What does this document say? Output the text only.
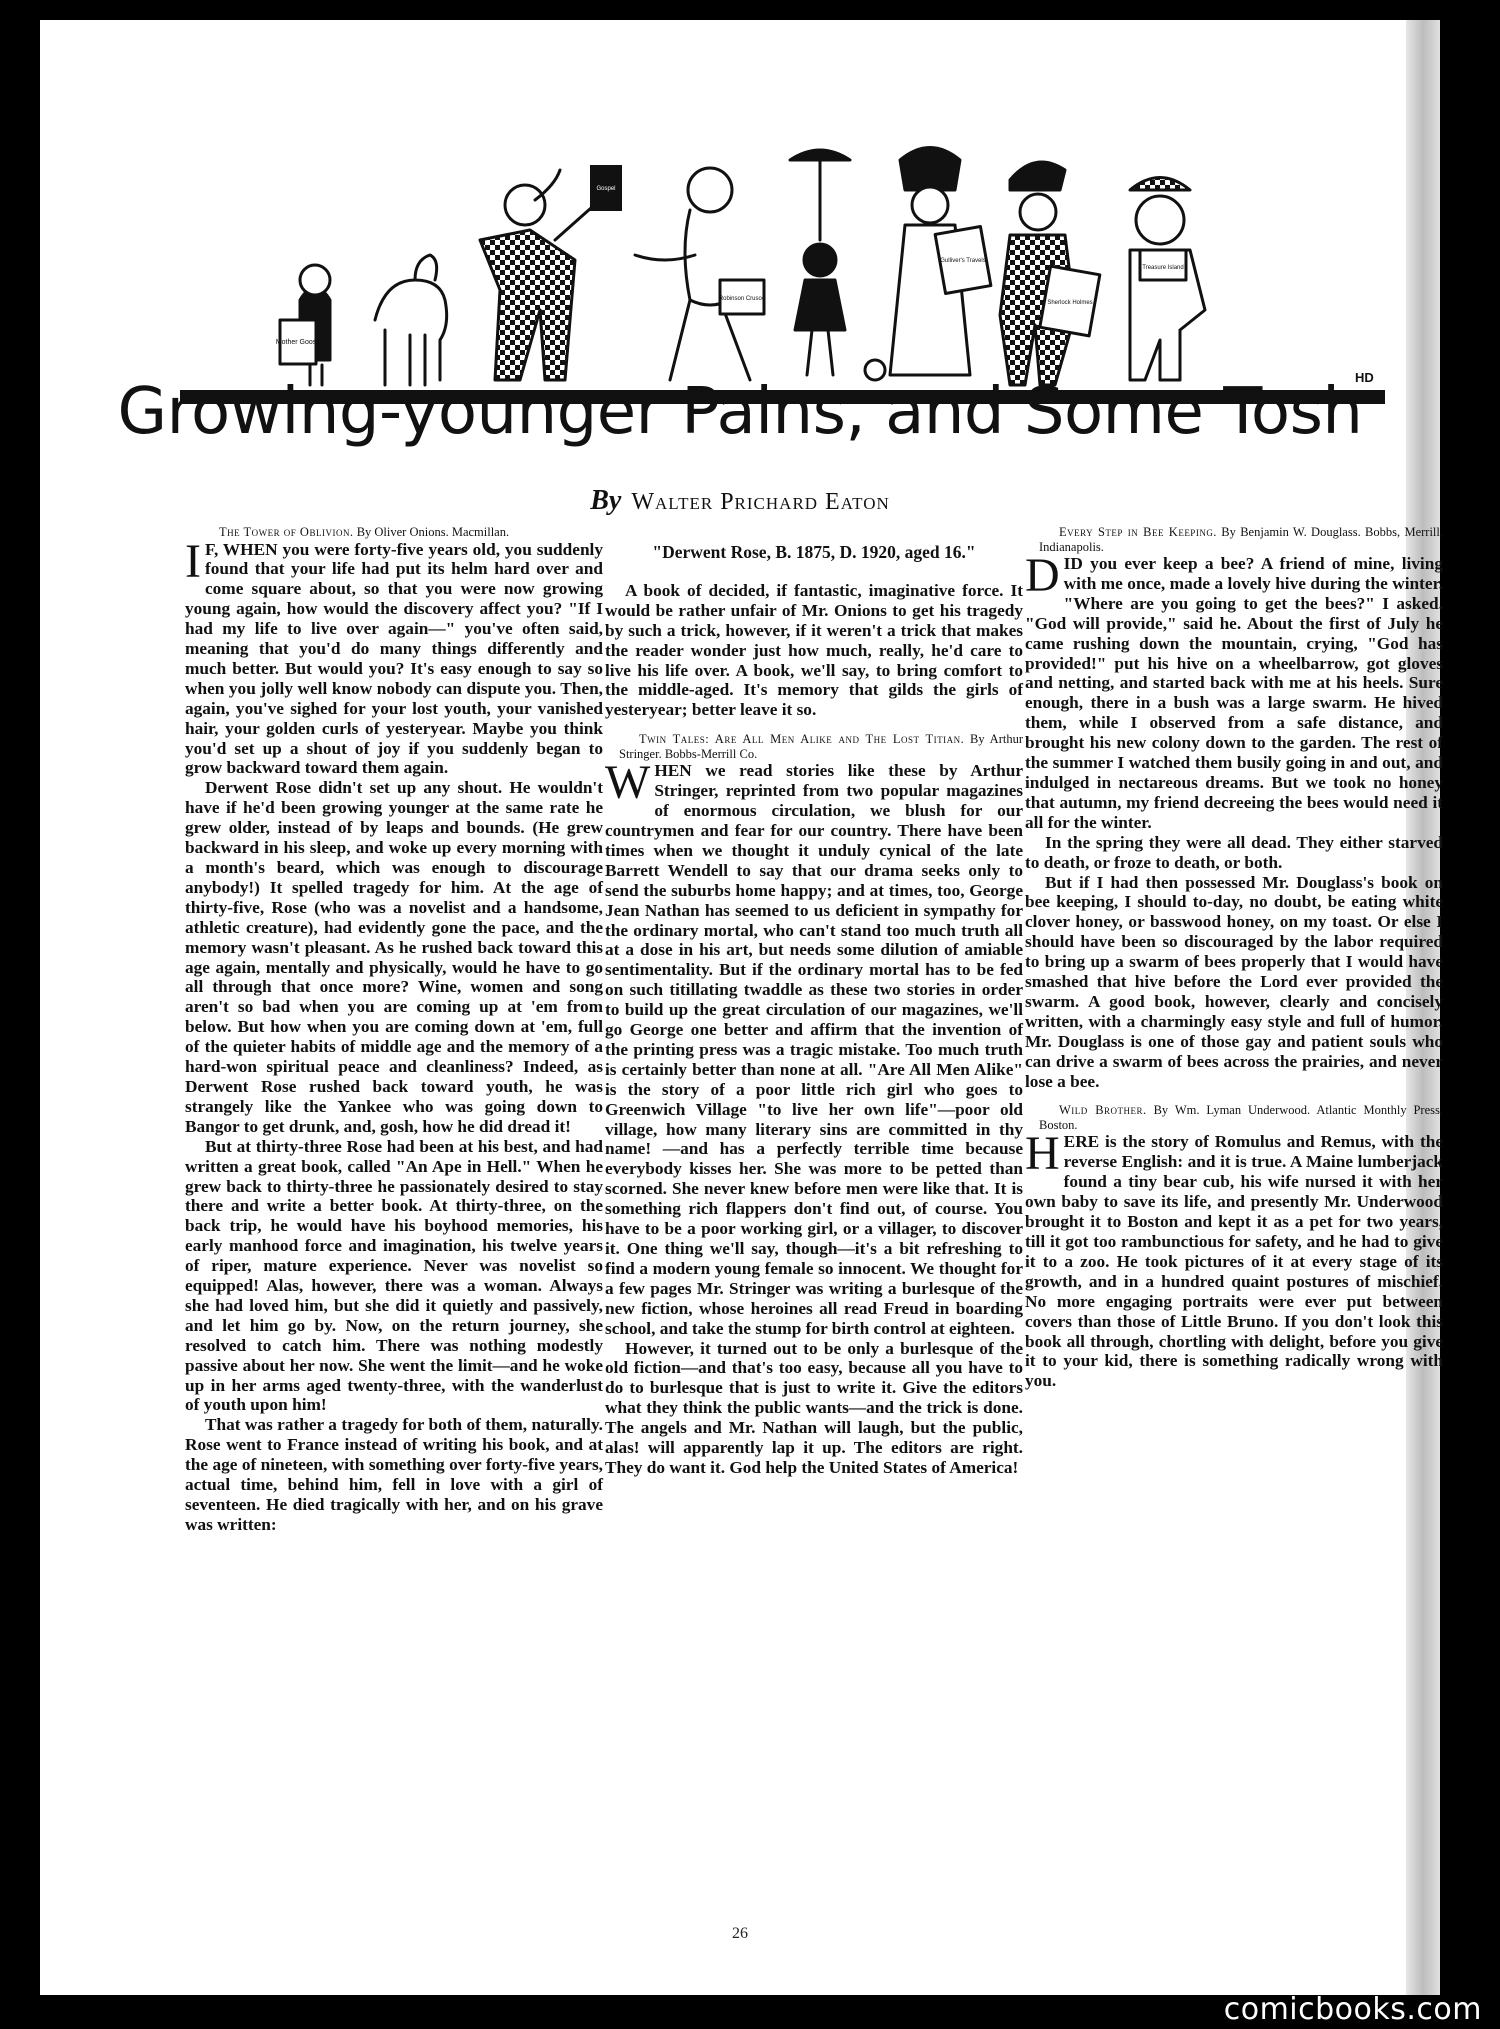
Mother Goose
Gospel
Robinson Crusoe
Gulliver's Travels
Sherlock Holmes
Treasure Island
HD
Growing-younger Pains, and Some Tosh
By Walter Prichard Eaton

The Tower of Oblivion. By Oliver Onions. Macmillan.

I F, WHEN you were forty-five years old, you suddenly found that your life had put its helm hard over and come square about, so that you were now growing young again, how would the discovery affect you? "If I had my life to live over again—" you've often said, meaning that you'd do many things differently and much better. But would you? It's easy enough to say so when you jolly well know nobody can dispute you. Then, again, you've sighed for your lost youth, your vanished hair, your golden curls of yesteryear. Maybe you think you'd set up a shout of joy if you suddenly began to grow backward toward them again.

Derwent Rose didn't set up any shout. He wouldn't have if he'd been growing younger at the same rate he grew older, instead of by leaps and bounds. (He grew backward in his sleep, and woke up every morning with a month's beard, which was enough to discourage anybody!) It spelled tragedy for him. At the age of thirty-five, Rose (who was a novelist and a handsome, athletic creature), had evidently gone the pace, and the memory wasn't pleasant. As he rushed back toward this age again, mentally and physically, would he have to go all through that once more? Wine, women and song aren't so bad when you are coming up at 'em from below. But how when you are coming down at 'em, full of the quieter habits of middle age and the memory of a hard-won spiritual peace and cleanliness? Indeed, as Derwent Rose rushed back toward youth, he was strangely like the Yankee who was going down to Bangor to get drunk, and, gosh, how he did dread it!

But at thirty-three Rose had been at his best, and had written a great book, called "An Ape in Hell." When he grew back to thirty-three he passionately desired to stay there and write a better book. At thirty-three, on the back trip, he would have his boyhood memories, his early manhood force and imagination, his twelve years of riper, mature experience. Never was novelist so equipped! Alas, however, there was a woman. Always she had loved him, but she did it quietly and passively, and let him go by. Now, on the return journey, she resolved to catch him. There was nothing modestly passive about her now. She went the limit—and he woke up in her arms aged twenty-three, with the wanderlust of youth upon him!

That was rather a tragedy for both of them, naturally. Rose went to France instead of writing his book, and at the age of nineteen, with something over forty-five years, actual time, behind him, fell in love with a girl of seventeen. He died tragically with her, and on his grave was written:

"Derwent Rose, B. 1875, D. 1920, aged 16."

A book of decided, if fantastic, imaginative force. It would be rather unfair of Mr. Onions to get his tragedy by such a trick, however, if it weren't a trick that makes the reader wonder just how much, really, he'd care to live his life over. A book, we'll say, to bring comfort to the middle-aged. It's memory that gilds the girls of yesteryear; better leave it so.

Twin Tales: Are All Men Alike and The Lost Titian. By Arthur Stringer. Bobbs-Merrill Co.

WHEN we read stories like these by Arthur Stringer, reprinted from two popular magazines of enormous circulation, we blush for our countrymen and fear for our country. There have been times when we thought it unduly cynical of the late Barrett Wendell to say that our drama seeks only to send the suburbs home happy; and at times, too, George Jean Nathan has seemed to us deficient in sympathy for the ordinary mortal, who can't stand too much truth all at a dose in his art, but needs some dilution of amiable sentimentality. But if the ordinary mortal has to be fed on such titillating twaddle as these two stories in order to build up the great circulation of our magazines, we'll go George one better and affirm that the invention of the printing press was a tragic mistake. Too much truth is certainly better than none at all. "Are All Men Alike" is the story of a poor little rich girl who goes to Greenwich Village "to live her own life"—poor old village, how many literary sins are committed in thy name! —and has a perfectly terrible time because everybody kisses her. She was more to be petted than scorned. She never knew before men were like that. It is something rich flappers don't find out, of course. You have to be a poor working girl, or a villager, to discover it. One thing we'll say, though—it's a bit refreshing to find a modern young female so innocent. We thought for a few pages Mr. Stringer was writing a burlesque of the new fiction, whose heroines all read Freud in boarding school, and take the stump for birth control at eighteen.

However, it turned out to be only a burlesque of the old fiction—and that's too easy, because all you have to do to burlesque that is just to write it. Give the editors what they think the public wants—and the trick is done. The angels and Mr. Nathan will laugh, but the public, alas! will apparently lap it up. The editors are right. They do want it. God help the United States of America!

Every Step in Bee Keeping. By Benjamin W. Douglass. Bobbs, Merrill, Indianapolis.

DID you ever keep a bee? A friend of mine, living with me once, made a lovely hive during the winter. "Where are you going to get the bees?" I asked. "God will provide," said he. About the first of July he came rushing down the mountain, crying, "God has provided!" put his hive on a wheelbarrow, got gloves and netting, and started back with me at his heels. Sure enough, there in a bush was a large swarm. He hived them, while I observed from a safe distance, and brought his new colony down to the garden. The rest of the summer I watched them busily going in and out, and indulged in nectareous dreams. But we took no honey that autumn, my friend decreeing the bees would need it all for the winter.

In the spring they were all dead. They either starved to death, or froze to death, or both.

But if I had then possessed Mr. Douglass's book on bee keeping, I should to-day, no doubt, be eating white clover honey, or basswood honey, on my toast. Or else I should have been so discouraged by the labor required to bring up a swarm of bees properly that I would have smashed that hive before the Lord ever provided the swarm. A good book, however, clearly and concisely written, with a charmingly easy style and full of humor. Mr. Douglass is one of those gay and patient souls who can drive a swarm of bees across the prairies, and never lose a bee.

Wild Brother. By Wm. Lyman Underwood. Atlantic Monthly Press, Boston.

HERE is the story of Romulus and Remus, with the reverse English: and it is true. A Maine lumberjack found a tiny bear cub, his wife nursed it with her own baby to save its life, and presently Mr. Underwood brought it to Boston and kept it as a pet for two years, till it got too rambunctious for safety, and he had to give it to a zoo. He took pictures of it at every stage of its growth, and in a hundred quaint postures of mischief. No more engaging portraits were ever put between covers than those of Little Bruno. If you don't look this book all through, chortling with delight, before you give it to your kid, there is something radically wrong with you.

26
comicbooks.com
